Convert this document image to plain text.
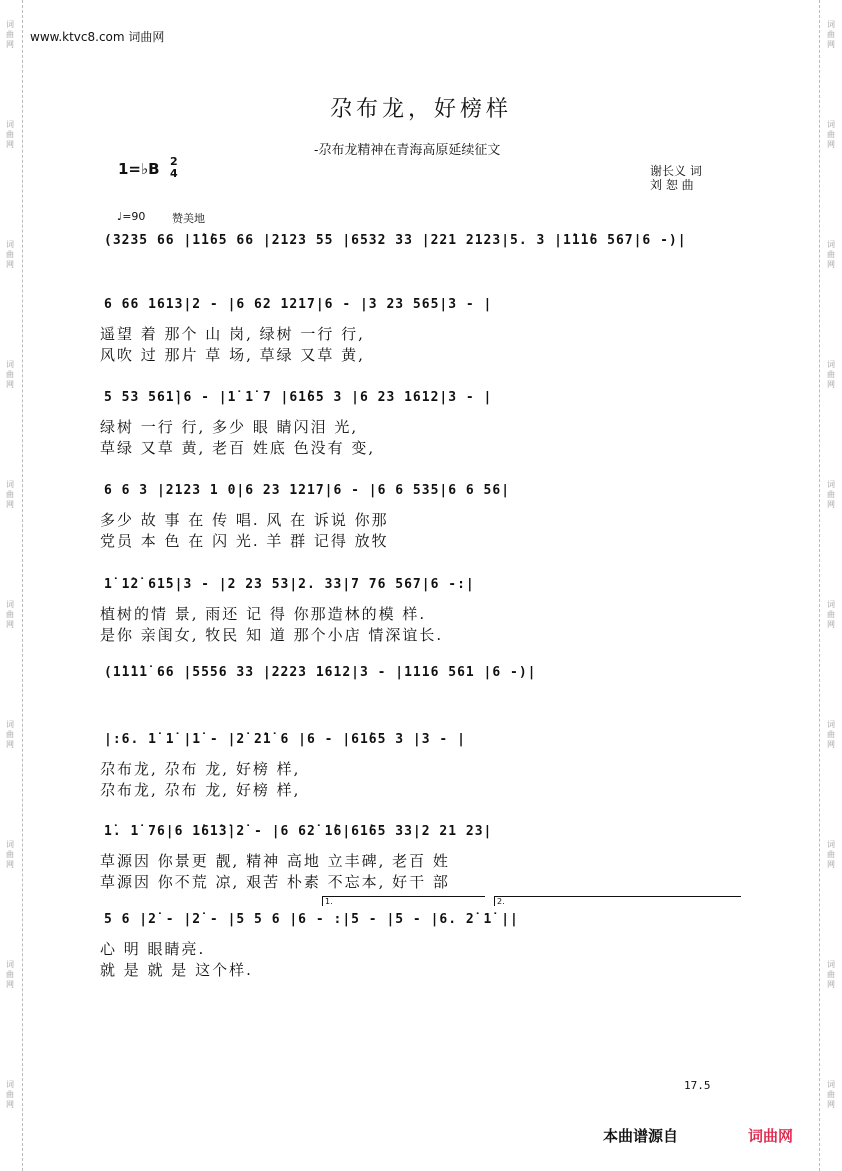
词曲网
词曲网
词曲网
词曲网
词曲网
词曲网
词曲网
词曲网
词曲网
词曲网
词曲网
词曲网
词曲网
词曲网
词曲网
词曲网
词曲网
词曲网
词曲网
词曲网
www.ktvc8.com 词曲网
尕布龙，好榜样
-尕布龙精神在青海高原延续征文
1=♭B 2
4	谢长义 词
刘 恕 曲
♩=90 赞美地
(3235 66 |1̇1̇65 66 |2123 55 |6532 33 |221 2123|5. 3 |1̇1̇1̇6 567|6 -)|
6 66 1613|2 - |6 62 1217|6 - |3 23 565|3 - |
遥望 着 那个 山 岗, 绿树 一行 行,
风吹 过 那片 草 场, 草绿 又草 黄,
5 53 561̇|6 - |1̇ 1̇ 7 |61̇65 3 |6 23 1612|3 - |
绿树 一行 行, 多少 眼 睛闪泪 光,
草绿 又草 黄, 老百 姓底 色没有 变,
6 6 3 |2123 1 0|6 23 1217|6 - |6 6 535|6 6 56|
多少 故 事 在 传 唱. 风 在 诉说 你那
党员 本 色 在 闪 光. 羊 群 记得 放牧
1̇ 1̇2̇ 61̇5|3 - |2 23 53|2. 33|7 76 567|6 -:|
植树的情 景, 雨还 记 得 你那造林的模 样.
是你 亲闺女, 牧民 知 道 那个小店 情深谊长.
(1̇1̇1̇1̇ 66 |5556 33 |2223 1612|3 - |1116 561 |6 -)|
|:6. 1̇ 1̇ |1̇ - |2̇ 2̇1̇ 6 |6 - |61̇65 3 |3 - |
尕布龙, 尕布 龙, 好榜 样,
尕布龙, 尕布 龙, 好榜 样,
1̇. 1̇ 76|6 1̇61̇3̇|2̇ - |6 62̇ 1̇6|61̇65 33|2 21 23|
草源因 你景更 靓, 精神 高地 立丰碑, 老百 姓
草源因 你不荒 凉, 艰苦 朴素 不忘本, 好干 部
5 6 |2̇ - |2̇ - |5 5 6 |6 - :|5 - |5 - |6. 2̇ 1̇ ||
心 明 眼睛亮.
就 是 就 是 这个样.
1.	2.
17.5
本曲谱源自	词曲网
